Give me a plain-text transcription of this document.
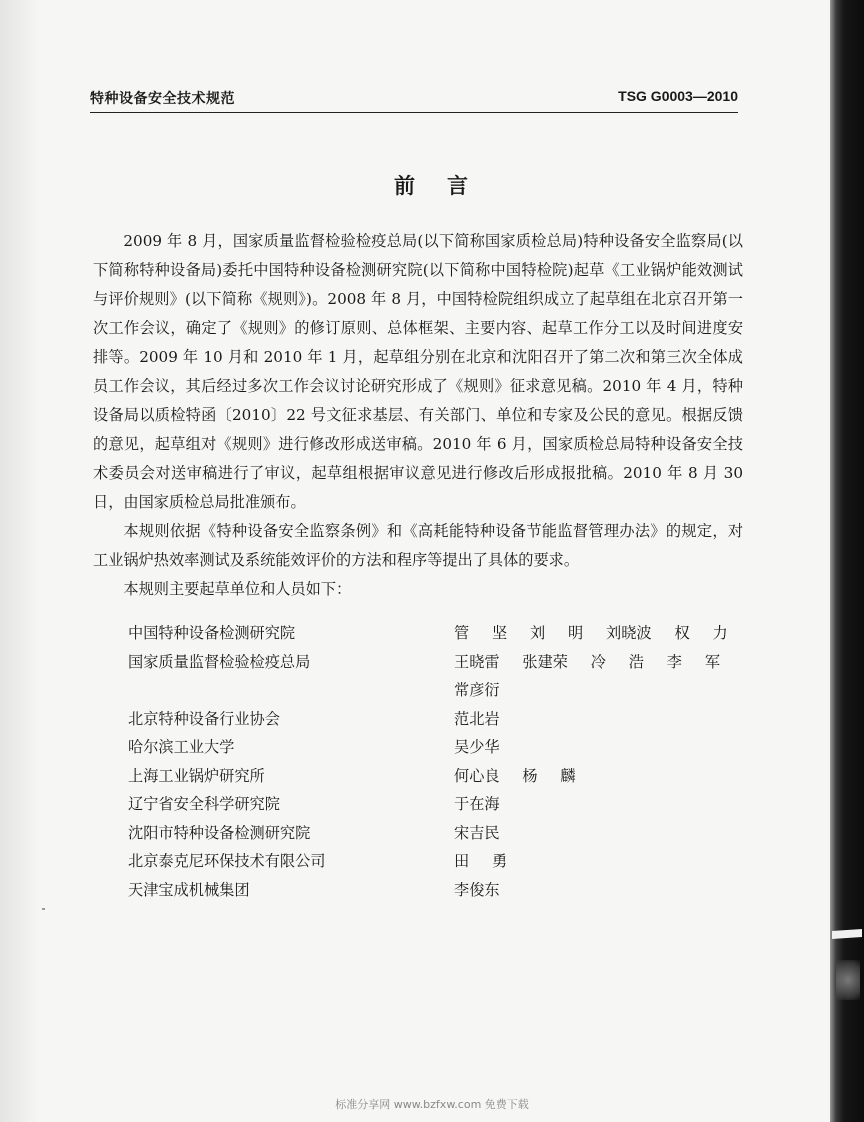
特种设备安全技术规范	TSG G0003—2010
前 言

2009 年 8 月，国家质量监督检验检疫总局(以下简称国家质检总局)特种设备安全监察局(以下简称特种设备局)委托中国特种设备检测研究院(以下简称中国特检院)起草《工业锅炉能效测试与评价规则》(以下简称《规则》)。2008 年 8 月，中国特检院组织成立了起草组在北京召开第一次工作会议，确定了《规则》的修订原则、总体框架、主要内容、起草工作分工以及时间进度安排等。2009 年 10 月和 2010 年 1 月，起草组分别在北京和沈阳召开了第二次和第三次全体成员工作会议，其后经过多次工作会议讨论研究形成了《规则》征求意见稿。2010 年 4 月，特种设备局以质检特函〔2010〕22 号文征求基层、有关部门、单位和专家及公民的意见。根据反馈的意见，起草组对《规则》进行修改形成送审稿。2010 年 6 月，国家质检总局特种设备安全技术委员会对送审稿进行了审议，起草组根据审议意见进行修改后形成报批稿。2010 年 8 月 30 日，由国家质检总局批准颁布。

本规则依据《特种设备安全监察条例》和《高耗能特种设备节能监督管理办法》的规定，对工业锅炉热效率测试及系统能效评价的方法和程序等提出了具体的要求。

本规则主要起草单位和人员如下：

中国特种设备检测研究院	管 坚 刘 明 刘晓波 权 力
国家质量监督检验检疫总局	王晓雷 张建荣 冷 浩 李 军
常彦衍
北京特种设备行业协会	范北岩
哈尔滨工业大学	吴少华
上海工业锅炉研究所	何心良 杨 麟
辽宁省安全科学研究院	于在海
沈阳市特种设备检测研究院	宋吉民
北京泰克尼环保技术有限公司	田 勇
天津宝成机械集团	李俊东
标准分享网 www.bzfxw.com 免费下载
